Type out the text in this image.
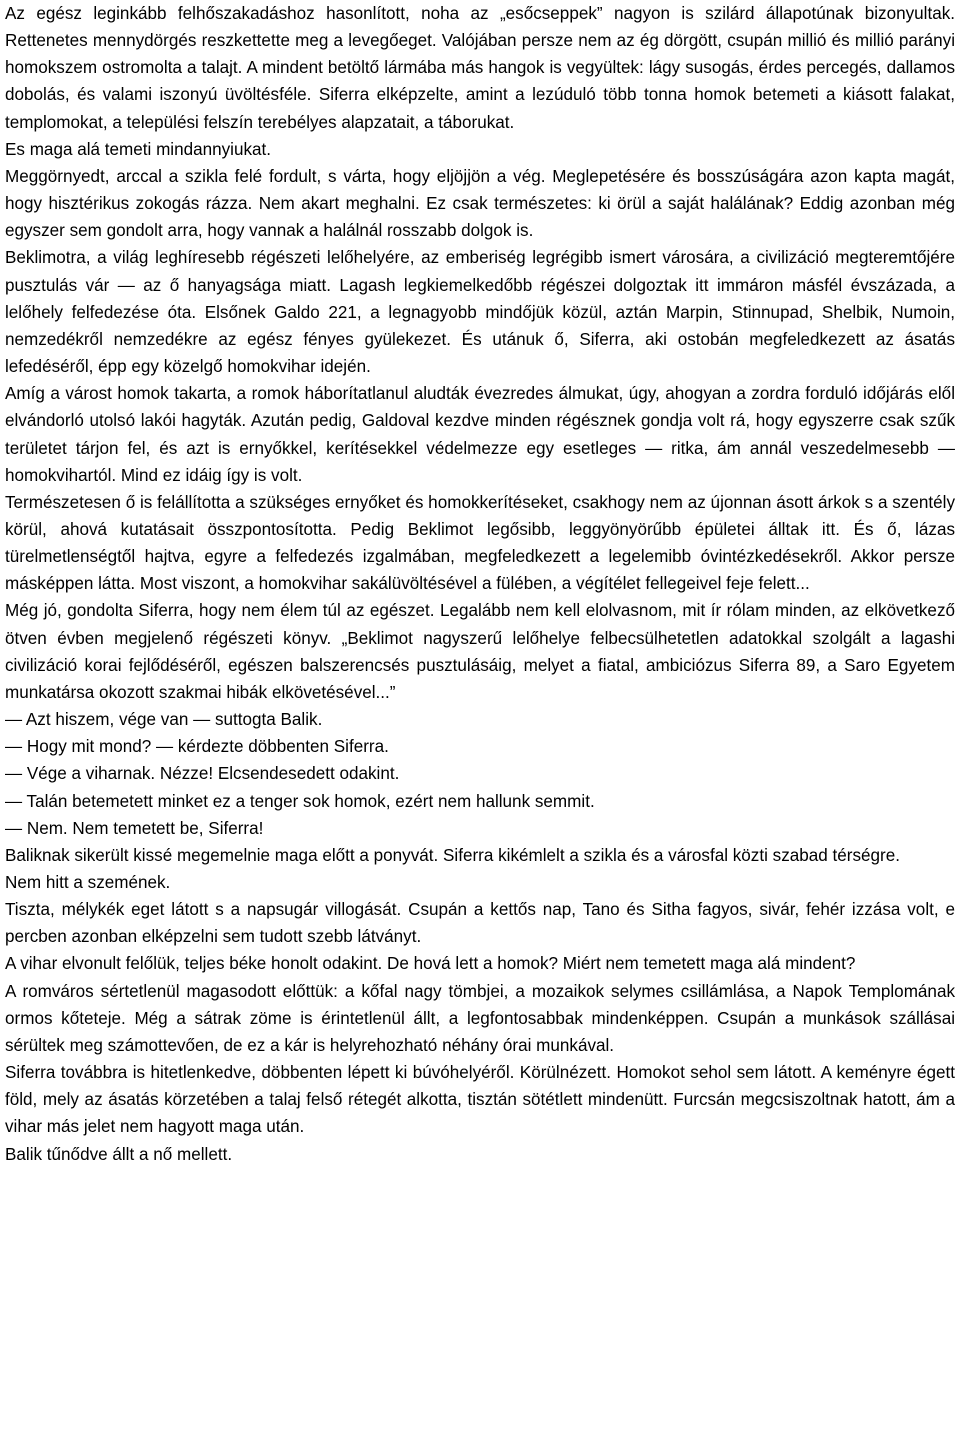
Az egész leginkább felhőszakadáshoz hasonlított, noha az „esőcseppek” nagyon is szilárd állapotúnak bizonyultak. Rettenetes mennydörgés reszkettette meg a levegőeget. Valójában persze nem az ég dörgött, csupán millió és millió parányi homokszem ostromolta a talajt. A mindent betöltő lármába más hangok is vegyültek: lágy susogás, érdes percegés, dallamos dobolás, és valami iszonyú üvöltésféle. Siferra elképzelte, amint a lezúduló több tonna homok betemeti a kiásott falakat, templomokat, a települési felszín terebélyes alapzatait, a táborukat.

Es maga alá temeti mindannyiukat.

Meggörnyedt, arccal a szikla felé fordult, s várta, hogy eljöjjön a vég. Meglepetésére és bosszúságára azon kapta magát, hogy hisztérikus zokogás rázza. Nem akart meghalni. Ez csak természetes: ki örül a saját halálának? Eddig azonban még egyszer sem gondolt arra, hogy vannak a halálnál rosszabb dolgok is.

Beklimotra, a világ leghíresebb régészeti lelőhelyére, az emberiség legrégibb ismert városára, a civilizáció megteremtőjére pusztulás vár — az ő hanyagsága miatt. Lagash legkiemelkedőbb régészei dolgoztak itt immáron másfél évszázada, a lelőhely felfedezése óta. Elsőnek Galdo 221, a legnagyobb mindőjük közül, aztán Marpin, Stinnupad, Shelbik, Numoin, nemzedékről nemzedékre az egész fényes gyülekezet. És utánuk ő, Siferra, aki ostobán megfeledkezett az ásatás lefedéséről, épp egy közelgő homokvihar idején.

Amíg a várost homok takarta, a romok háborítatlanul aludták évezredes álmukat, úgy, ahogyan a zordra forduló időjárás elől elvándorló utolsó lakói hagyták. Azután pedig, Galdoval kezdve minden régésznek gondja volt rá, hogy egyszerre csak szűk területet tárjon fel, és azt is ernyőkkel, kerítésekkel védelmezze egy esetleges — ritka, ám annál veszedelmesebb — homokvihartól. Mind ez idáig így is volt.

Természetesen ő is felállította a szükséges ernyőket és homokkerítéseket, csakhogy nem az újonnan ásott árkok s a szentély körül, ahová kutatásait összpontosította. Pedig Beklimot legősibb, leggyönyörűbb épületei álltak itt. És ő, lázas türelmetlenségtől hajtva, egyre a felfedezés izgalmában, megfeledkezett a legelemibb óvintézkedésekről. Akkor persze másképpen látta. Most viszont, a homokvihar sakálüvöltésével a fülében, a végítélet fellegeivel feje felett...

Még jó, gondolta Siferra, hogy nem élem túl az egészet. Legalább nem kell elolvasnom, mit ír rólam minden, az elkövetkező ötven évben megjelenő régészeti könyv. „Beklimot nagyszerű lelőhelye felbecsülhetetlen adatokkal szolgált a lagashi civilizáció korai fejlődéséről, egészen balszerencsés pusztulásáig, melyet a fiatal, ambiciózus Siferra 89, a Saro Egyetem munkatársa okozott szakmai hibák elkövetésével...”

— Azt hiszem, vége van — suttogta Balik.

— Hogy mit mond? — kérdezte döbbenten Siferra.

— Vége a viharnak. Nézze! Elcsendesedett odakint.

— Talán betemetett minket ez a tenger sok homok, ezért nem hallunk semmit.

— Nem. Nem temetett be, Siferra!

Baliknak sikerült kissé megemelnie maga előtt a ponyvát. Siferra kikémlelt a szikla és a városfal közti szabad térségre.

Nem hitt a szemének.

Tiszta, mélykék eget látott s a napsugár villogását. Csupán a kettős nap, Tano és Sitha fagyos, sivár, fehér izzása volt, e percben azonban elképzelni sem tudott szebb látványt.

A vihar elvonult felőlük, teljes béke honolt odakint. De hová lett a homok? Miért nem temetett maga alá mindent?

A romváros sértetlenül magasodott előttük: a kőfal nagy tömbjei, a mozaikok selymes csillámlása, a Napok Templomának ormos kőteteje. Még a sátrak zöme is érintetlenül állt, a legfontosabbak mindenképpen. Csupán a munkások szállásai sérültek meg számottevően, de ez a kár is helyrehozható néhány órai munkával.

Siferra továbbra is hitetlenkedve, döbbenten lépett ki búvóhelyéről. Körülnézett. Homokot sehol sem látott. A keményre égett föld, mely az ásatás körzetében a talaj felső rétegét alkotta, tisztán sötétlett mindenütt. Furcsán megcsiszoltnak hatott, ám a vihar más jelet nem hagyott maga után.

Balik tűnődve állt a nő mellett.
